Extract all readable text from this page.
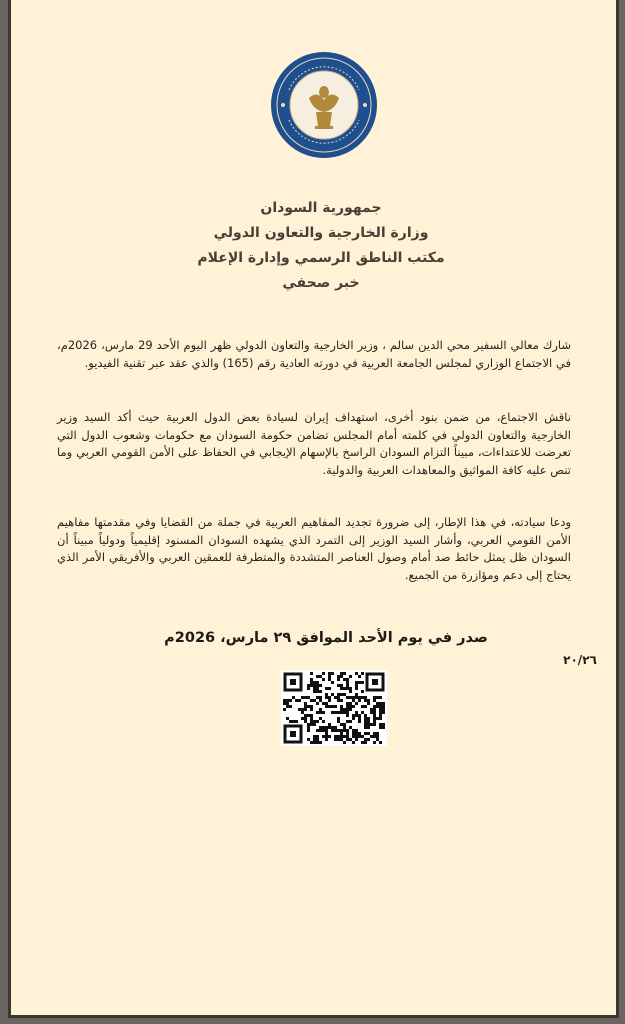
جمهورية السودان
وزارة الخارجية والتعاون الدولي
مكتب الناطق الرسمي وإدارة الإعلام
خبر صحفي
شارك معالي السفير محي الدين سالم ، وزير الخارجية والتعاون الدولي ظهر اليوم الأحد 29 مارس، 2026م، في الاجتماع الوزاري لمجلس الجامعة العربية في دورته العادية رقم (165) والذي عقد عبر تقنية الفيديو.
ناقش الاجتماع، من ضمن بنود أخرى، استهداف إيران لسيادة بعض الدول العربية حيث أكد السيد وزير الخارجية والتعاون الدولي في كلمته أمام المجلس تضامن حكومة السودان مع حكومات وشعوب الدول التي تعرضت للاعتداءات، مبيناً التزام السودان الراسخ بالإسهام الإيجابي في الحفاظ على الأمن القومي العربي وما تنص عليه كافة المواثيق والمعاهدات العربية والدولية.
ودعا سيادته، في هذا الإطار، إلى ضرورة تجديد المفاهيم العربية في جملة من القضايا وفي مقدمتها مفاهيم الأمن القومي العربي، وأشار السيد الوزير إلى التمرد الذي يشهده السودان المسنود إقليمياً ودولياً مبيناً أن السودان ظل يمثل حائط صد أمام وصول العناصر المتشددة والمتطرفة للعمقين العربي والأفريقي الأمر الذي يحتاج إلى دعم ومؤازرة من الجميع.
صدر في يوم الأحد الموافق ٢٩ مارس، 2026م
٢٠/٢٦
